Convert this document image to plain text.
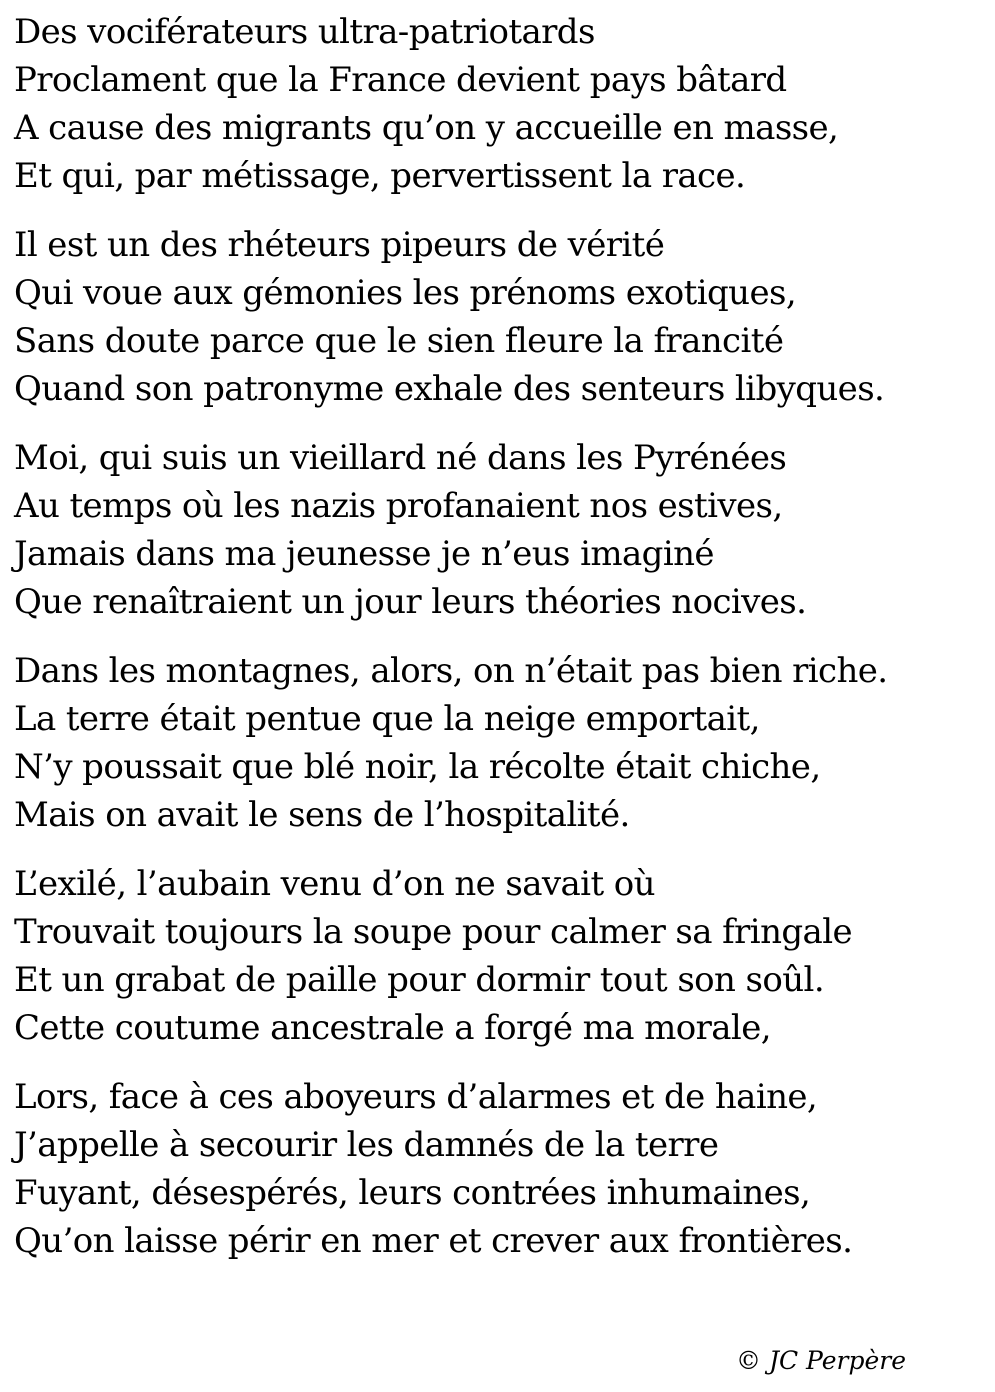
Des vociférateurs ultra-patriotards
Proclament que la France devient pays bâtard
A cause des migrants qu’on y accueille en masse,
Et qui, par métissage, pervertissent la race.
Il est un des rhéteurs pipeurs de vérité
Qui voue aux gémonies les prénoms exotiques,
Sans doute parce que le sien fleure la francité
Quand son patronyme exhale des senteurs libyques.
Moi, qui suis un vieillard né dans les Pyrénées
Au temps où les nazis profanaient nos estives,
Jamais dans ma jeunesse je n’eus imaginé
Que renaîtraient un jour leurs théories nocives.
Dans les montagnes, alors, on n’était pas bien riche.
La terre était pentue que la neige emportait,
N’y poussait que blé noir, la récolte était chiche,
Mais on avait le sens de l’hospitalité.
L’exilé, l’aubain venu d’on ne savait où
Trouvait toujours la soupe pour calmer sa fringale
Et un grabat de paille pour dormir tout son soûl.
Cette coutume ancestrale a forgé ma morale,
Lors, face à ces aboyeurs d’alarmes et de haine,
J’appelle à secourir les damnés de la terre
Fuyant, désespérés, leurs contrées inhumaines,
Qu’on laisse périr en mer et crever aux frontières.
© JC Perpère
